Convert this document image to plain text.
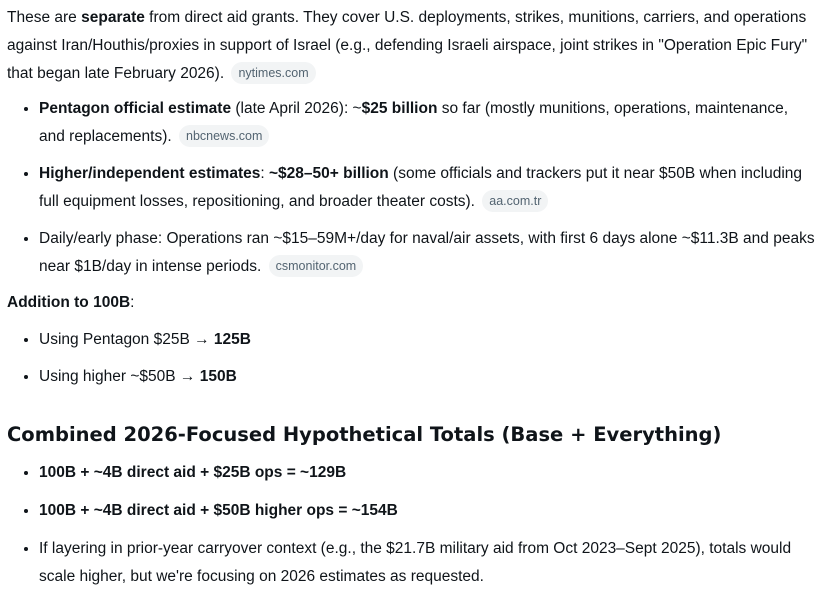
These are separate from direct aid grants. They cover U.S. deployments, strikes, munitions, carriers, and operations against Iran/Houthis/proxies in support of Israel (e.g., defending Israeli airspace, joint strikes in "Operation Epic Fury" that began late February 2026). nytimes.com

• Pentagon official estimate (late April 2026): ~$25 billion so far (mostly munitions, operations, maintenance, and replacements). nbcnews.com
• Higher/independent estimates: ~$28–50+ billion (some officials and trackers put it near $50B when including full equipment losses, repositioning, and broader theater costs). aa.com.tr
• Daily/early phase: Operations ran ~$15–59M+/day for naval/air assets, with first 6 days alone ~$11.3B and peaks near $1B/day in intense periods. csmonitor.com

Addition to 100B:

• Using Pentagon $25B → 125B
• Using higher ~$50B → 150B
Combined 2026-Focused Hypothetical Totals (Base + Everything)
• 100B + ~4B direct aid + $25B ops = ~129B
• 100B + ~4B direct aid + $50B higher ops = ~154B
• If layering in prior-year carryover context (e.g., the $21.7B military aid from Oct 2023–Sept 2025), totals would scale higher, but we're focusing on 2026 estimates as requested.
